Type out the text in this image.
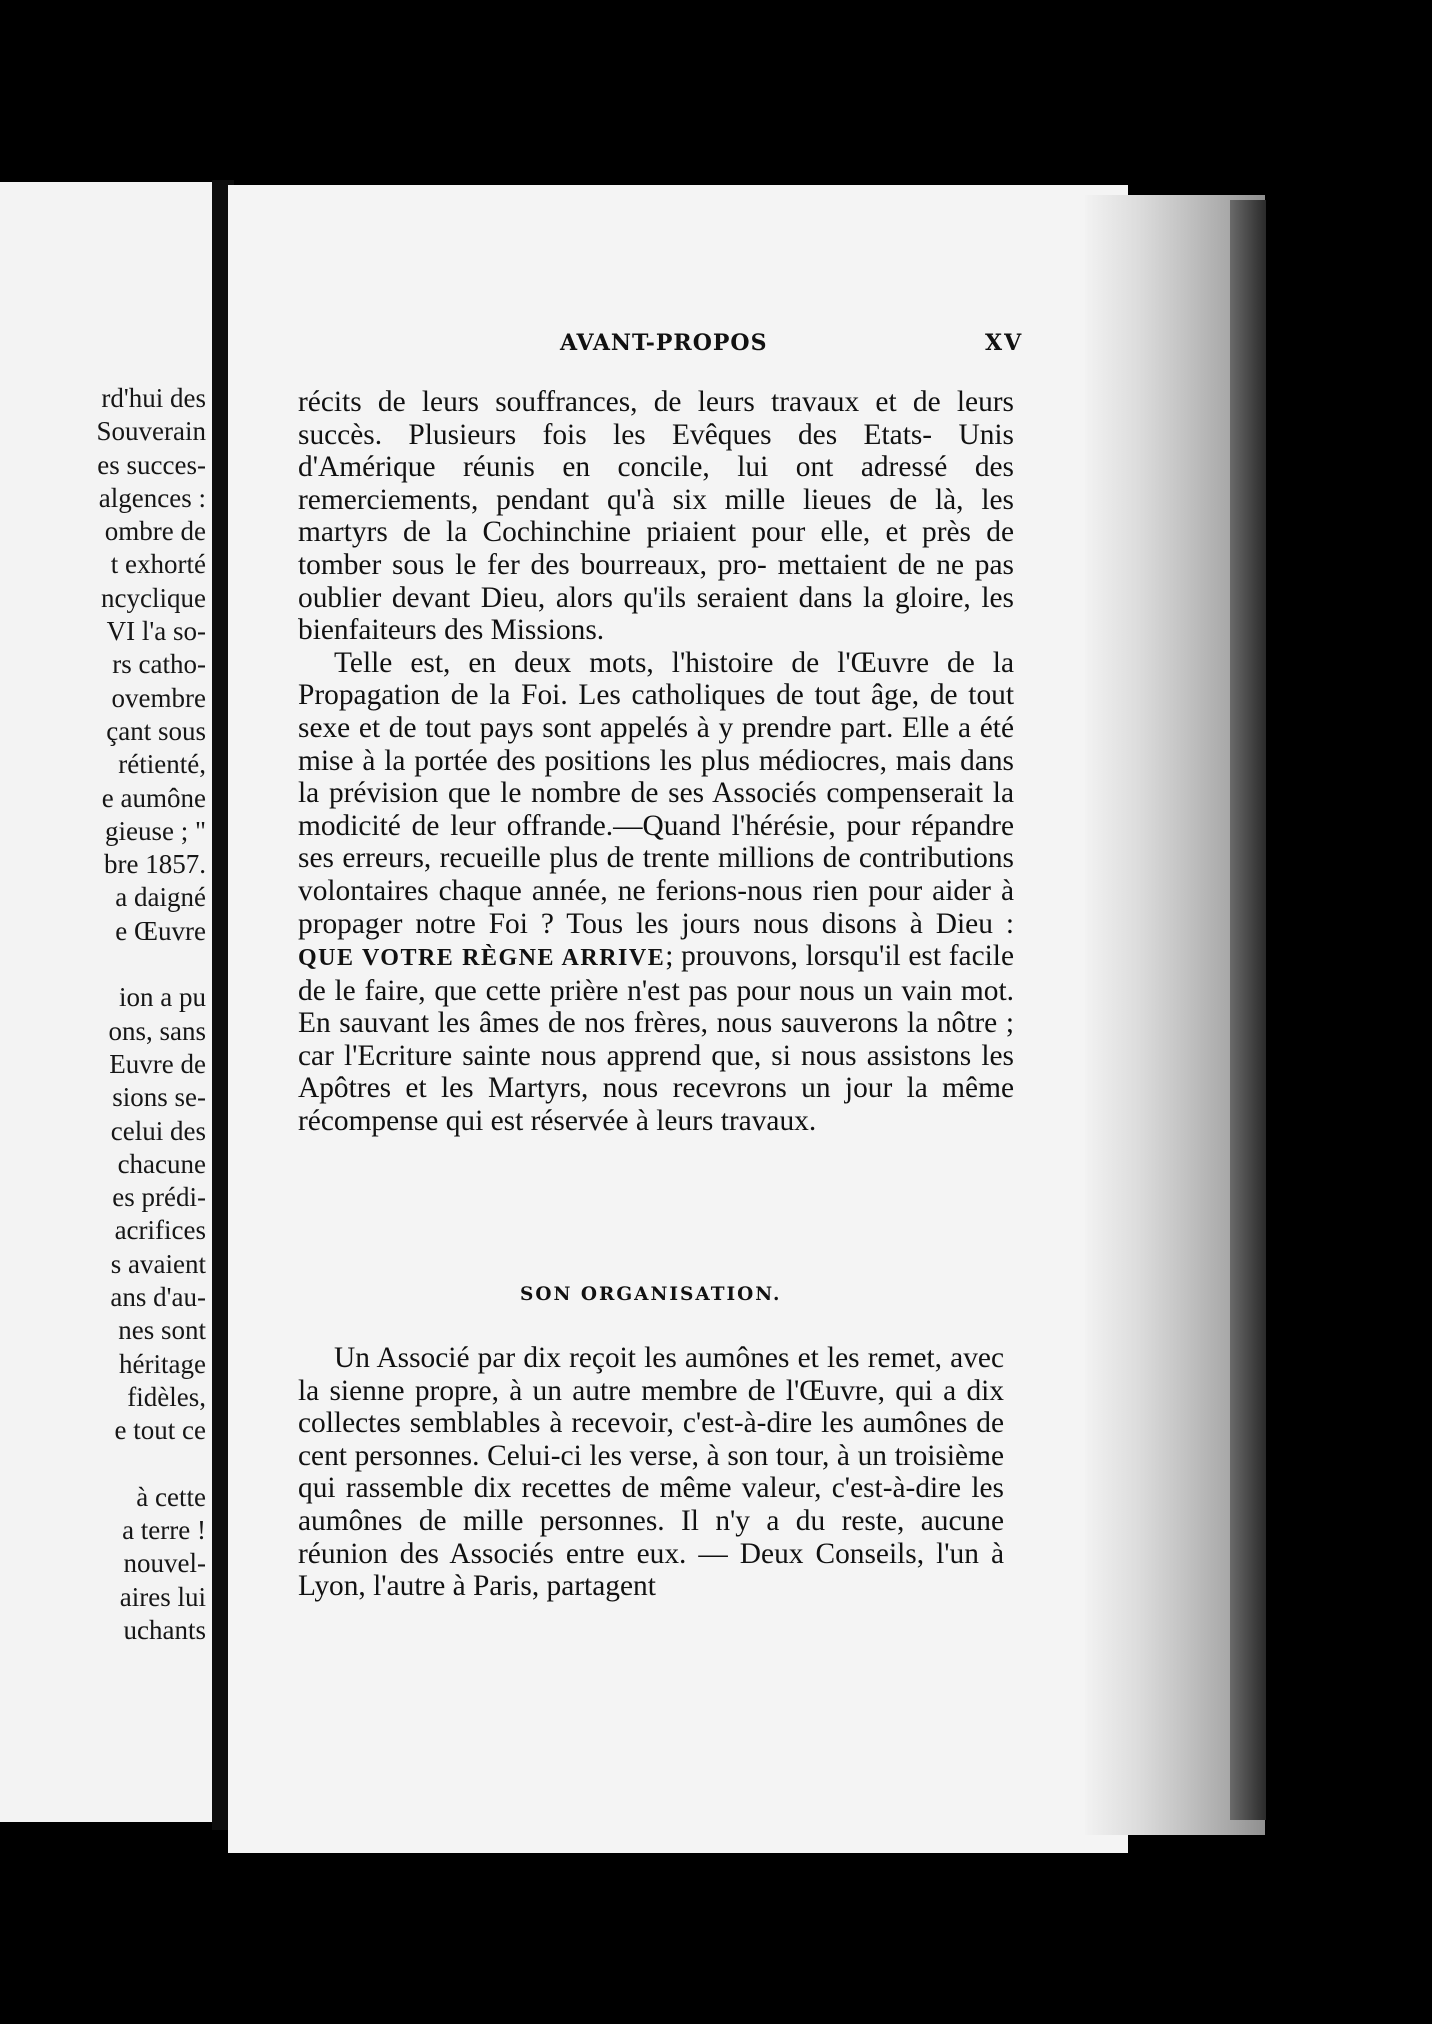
rd'hui des
Souverain
es succes-
algences :
ombre de
t exhorté
ncyclique
VI l'a so-
rs catho-
ovembre
çant sous
rétienté,
e aumône
gieuse ; "
bre 1857.
a daigné
e Œuvre

ion a pu
ons, sans
Euvre de
sions se-
celui des
chacune
es prédi-
acrifices
s avaient
ans d'au-
nes sont
héritage
fidèles,
e tout ce

à cette
a terre !
nouvel-
aires lui
uchants
AVANT-PROPOS	XV

récits de leurs souffrances, de leurs travaux et de leurs succès. Plusieurs fois les Evêques des Etats- Unis d'Amérique réunis en concile, lui ont adressé des remerciements, pendant qu'à six mille lieues de là, les martyrs de la Cochinchine priaient pour elle, et près de tomber sous le fer des bourreaux, pro- mettaient de ne pas oublier devant Dieu, alors qu'ils seraient dans la gloire, les bienfaiteurs des Missions.

Telle est, en deux mots, l'histoire de l'Œuvre de la Propagation de la Foi. Les catholiques de tout âge, de tout sexe et de tout pays sont appelés à y prendre part. Elle a été mise à la portée des positions les plus médiocres, mais dans la prévision que le nombre de ses Associés compenserait la modicité de leur offrande.—Quand l'hérésie, pour répandre ses erreurs, recueille plus de trente millions de contributions volontaires chaque année, ne ferions-nous rien pour aider à propager notre Foi ? Tous les jours nous disons à Dieu : QUE VOTRE RÈGNE ARRIVE; prouvons, lorsqu'il est facile de le faire, que cette prière n'est pas pour nous un vain mot. En sauvant les âmes de nos frères, nous sauverons la nôtre ; car l'Ecriture sainte nous apprend que, si nous assistons les Apôtres et les Martyrs, nous recevrons un jour la même récompense qui est réservée à leurs travaux.

SON ORGANISATION.

Un Associé par dix reçoit les aumônes et les remet, avec la sienne propre, à un autre membre de l'Œuvre, qui a dix collectes semblables à recevoir, c'est-à-dire les aumônes de cent personnes. Celui-ci les verse, à son tour, à un troisième qui rassemble dix recettes de même valeur, c'est-à-dire les aumônes de mille personnes. Il n'y a du reste, aucune réunion des Associés entre eux. — Deux Conseils, l'un à Lyon, l'autre à Paris, partagent
